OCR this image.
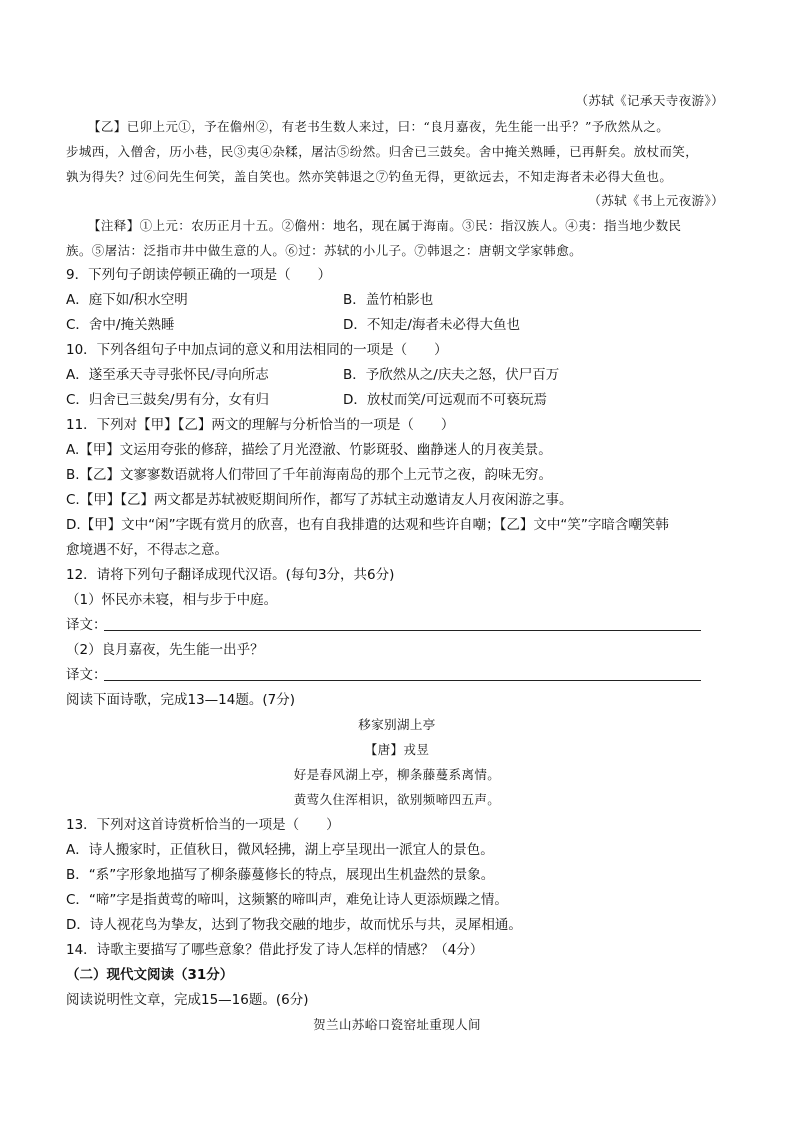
（苏轼《记承天寺夜游》）
【乙】已卯上元①，予在儋州②，有老书生数人来过，曰：“良月嘉夜，先生能一出乎？”予欣然从之。
步城西，入僧舍，历小巷，民③夷④杂糅，屠沽⑤纷然。归舍已三鼓矣。舍中掩关熟睡，已再鼾矣。放杖而笑，
孰为得失？过⑥问先生何笑，盖自笑也。然亦笑韩退之⑦钓鱼无得，更欲远去，不知走海者未必得大鱼也。
（苏轼《书上元夜游》）
【注释】①上元：农历正月十五。②儋州：地名，现在属于海南。③民：指汉族人。④夷：指当地少数民
族。⑤屠沽：泛指市井中做生意的人。⑥过：苏轼的小儿子。⑦韩退之：唐朝文学家韩愈。
9．下列句子朗读停顿正确的一项是（　　）
A．庭下如/积水空明	B．盖竹柏影也
C．舍中/掩关熟睡	D．不知走/海者未必得大鱼也
10．下列各组句子中加点词的意义和用法相同的一项是（　　）
A．遂至承天寺寻张怀民/寻向所志	B．予欣然从之/庆夫之怒，伏尸百万
C．归舍已三鼓矣/男有分，女有归	D．放杖而笑/可远观而不可亵玩焉
11．下列对【甲】【乙】两文的理解与分析恰当的一项是（　　）
A.【甲】文运用夸张的修辞，描绘了月光澄澈、竹影斑驳、幽静迷人的月夜美景。
B.【乙】文寥寥数语就将人们带回了千年前海南岛的那个上元节之夜，韵味无穷。
C.【甲】【乙】两文都是苏轼被贬期间所作，都写了苏轼主动邀请友人月夜闲游之事。
D.【甲】文中“闲”字既有赏月的欣喜，也有自我排遣的达观和些许自嘲；【乙】文中“笑”字暗含嘲笑韩
愈境遇不好，不得志之意。
12．请将下列句子翻译成现代汉语。(每句3分，共6分)
（1）怀民亦未寝，相与步于中庭。
译文：
（2）良月嘉夜，先生能一出乎？
译文：
阅读下面诗歌，完成13—14题。(7分)
移家别湖上亭
【唐】戎昱
好是春风湖上亭，柳条藤蔓系离情。
黄莺久住浑相识，欲别频啼四五声。
13．下列对这首诗赏析恰当的一项是（　　）
A．诗人搬家时，正值秋日，微风轻拂，湖上亭呈现出一派宜人的景色。
B．“系”字形象地描写了柳条藤蔓修长的特点，展现出生机盎然的景象。
C．“啼”字是指黄莺的啼叫，这频繁的啼叫声，难免让诗人更添烦躁之情。
D．诗人视花鸟为挚友，达到了物我交融的地步，故而忧乐与共，灵犀相通。
14．诗歌主要描写了哪些意象？借此抒发了诗人怎样的情感？（4分）
（二）现代文阅读（31分）
阅读说明性文章，完成15—16题。(6分)
贺兰山苏峪口瓷窑址重现人间
